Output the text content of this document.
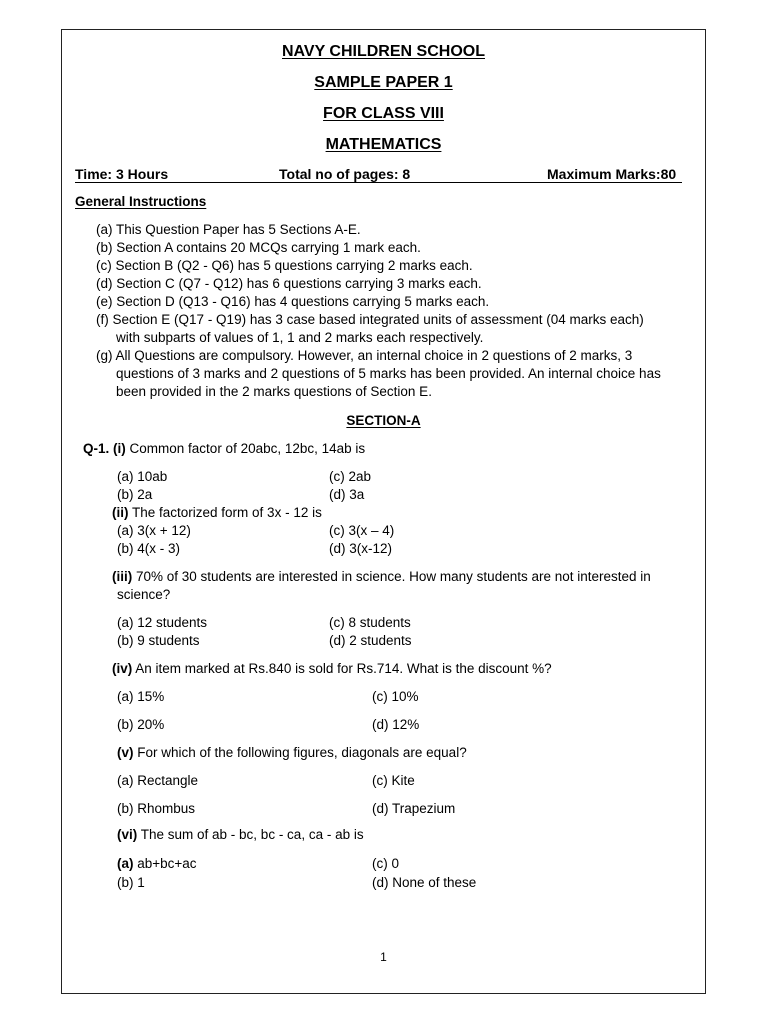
NAVY CHILDREN SCHOOL
SAMPLE PAPER 1
FOR CLASS VIII
MATHEMATICS
Time: 3 Hours	Total no of pages: 8	Maximum Marks:80
General Instructions
(a) This Question Paper has 5 Sections A-E.
(b) Section A contains 20 MCQs carrying 1 mark each.
(c) Section B (Q2 - Q6) has 5 questions carrying 2 marks each.
(d) Section C (Q7 - Q12) has 6 questions carrying 3 marks each.
(e) Section D (Q13 - Q16) has 4 questions carrying 5 marks each.
(f) Section E (Q17 - Q19) has 3 case based integrated units of assessment (04 marks each)
with subparts of values of 1, 1 and 2 marks each respectively.
(g) All Questions are compulsory. However, an internal choice in 2 questions of 2 marks, 3
questions of 3 marks and 2 questions of 5 marks has been provided. An internal choice has
been provided in the 2 marks questions of Section E.
SECTION-A
Q-1. (i) Common factor of 20abc, 12bc, 14ab is
(a) 10ab	(c) 2ab
(b) 2a	(d) 3a
(ii) The factorized form of 3x - 12 is
(a) 3(x + 12)	(c) 3(x – 4)
(b) 4(x - 3)	(d) 3(x-12)
(iii) 70% of 30 students are interested in science. How many students are not interested in
science?
(a) 12 students	(c) 8 students
(b) 9 students	(d) 2 students
(iv) An item marked at Rs.840 is sold for Rs.714. What is the discount %?
(a) 15%	(c) 10%
(b) 20%	(d) 12%
(v) For which of the following figures, diagonals are equal?
(a) Rectangle	(c) Kite
(b) Rhombus	(d) Trapezium
(vi) The sum of ab - bc, bc - ca, ca - ab is
(a) ab+bc+ac	(c) 0
(b) 1	(d) None of these
1
